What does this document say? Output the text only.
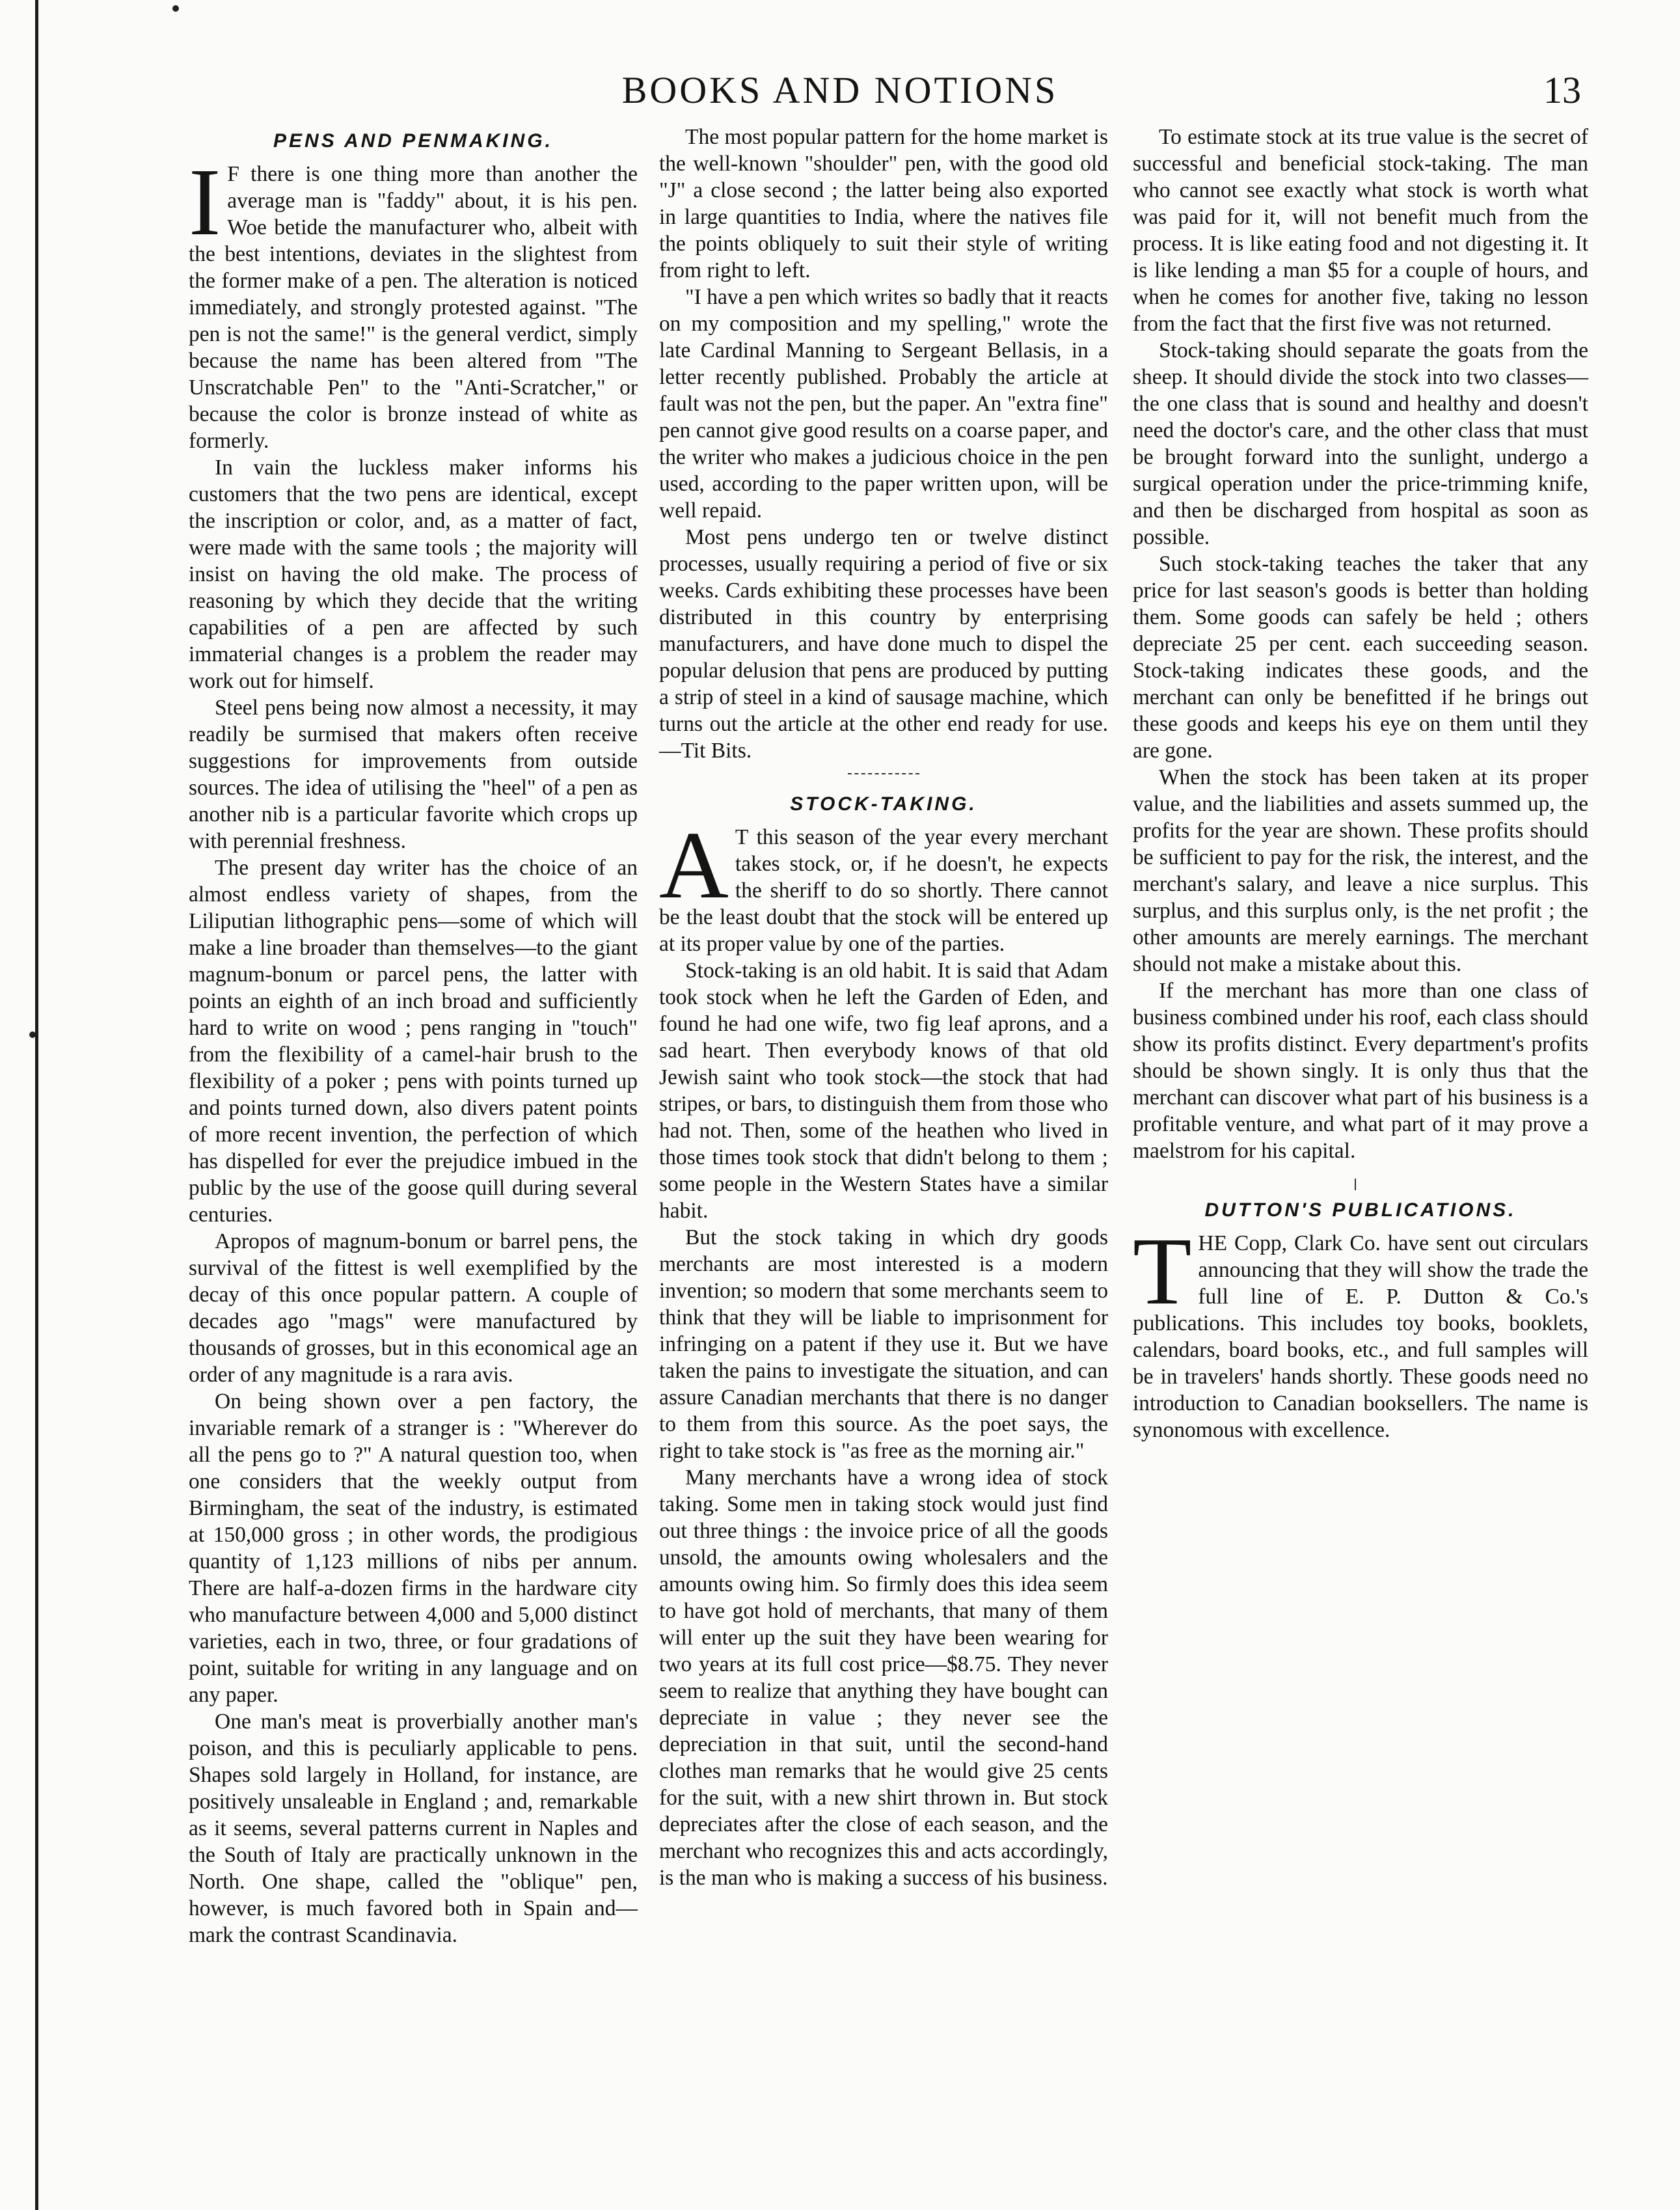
BOOKS AND NOTIONS	13
PENS AND PENMAKING.

I F there is one thing more than another the average man is "faddy" about, it is his pen. Woe betide the manufacturer who, albeit with the best intentions, deviates in the slightest from the former make of a pen. The alteration is noticed immediately, and strongly protested against. "The pen is not the same!" is the general verdict, simply because the name has been altered from "The Unscratchable Pen" to the "Anti-Scratcher," or because the color is bronze instead of white as formerly.

In vain the luckless maker informs his customers that the two pens are identical, except the inscription or color, and, as a matter of fact, were made with the same tools ; the majority will insist on having the old make. The process of reasoning by which they decide that the writing capabilities of a pen are affected by such immaterial changes is a problem the reader may work out for himself.

Steel pens being now almost a necessity, it may readily be surmised that makers often receive suggestions for improvements from outside sources. The idea of utilising the "heel" of a pen as another nib is a particular favorite which crops up with perennial freshness.

The present day writer has the choice of an almost endless variety of shapes, from the Liliputian lithographic pens—some of which will make a line broader than themselves—to the giant magnum-bonum or parcel pens, the latter with points an eighth of an inch broad and sufficiently hard to write on wood ; pens ranging in "touch" from the flexibility of a camel-hair brush to the flexibility of a poker ; pens with points turned up and points turned down, also divers patent points of more recent invention, the perfection of which has dispelled for ever the prejudice imbued in the public by the use of the goose quill during several centuries.

Apropos of magnum-bonum or barrel pens, the survival of the fittest is well exemplified by the decay of this once popular pattern. A couple of decades ago "mags" were manufactured by thousands of grosses, but in this economical age an order of any magnitude is a rara avis.

On being shown over a pen factory, the invariable remark of a stranger is : "Wherever do all the pens go to ?" A natural question too, when one considers that the weekly output from Birmingham, the seat of the industry, is estimated at 150,000 gross ; in other words, the prodigious quantity of 1,123 millions of nibs per annum. There are half-a-dozen firms in the hardware city who manufacture between 4,000 and 5,000 distinct varieties, each in two, three, or four gradations of point, suitable for writing in any language and on any paper.

One man's meat is proverbially another man's poison, and this is peculiarly applicable to pens. Shapes sold largely in Holland, for instance, are positively unsaleable in England ; and, remarkable as it seems, several patterns current in Naples and the South of Italy are practically unknown in the North. One shape, called the "oblique" pen, however, is much favored both in Spain and—mark the contrast Scandinavia.

The most popular pattern for the home market is the well-known "shoulder" pen, with the good old "J" a close second ; the latter being also exported in large quantities to India, where the natives file the points obliquely to suit their style of writing from right to left.

"I have a pen which writes so badly that it reacts on my composition and my spelling," wrote the late Cardinal Manning to Sergeant Bellasis, in a letter recently published. Probably the article at fault was not the pen, but the paper. An "extra fine" pen cannot give good results on a coarse paper, and the writer who makes a judicious choice in the pen used, according to the paper written upon, will be well repaid.

Most pens undergo ten or twelve distinct processes, usually requiring a period of five or six weeks. Cards exhibiting these processes have been distributed in this country by enterprising manufacturers, and have done much to dispel the popular delusion that pens are produced by putting a strip of steel in a kind of sausage machine, which turns out the article at the other end ready for use.—Tit Bits.

STOCK-TAKING.

A T this season of the year every merchant takes stock, or, if he doesn't, he expects the sheriff to do so shortly. There cannot be the least doubt that the stock will be entered up at its proper value by one of the parties.

Stock-taking is an old habit. It is said that Adam took stock when he left the Garden of Eden, and found he had one wife, two fig leaf aprons, and a sad heart. Then everybody knows of that old Jewish saint who took stock—the stock that had stripes, or bars, to distinguish them from those who had not. Then, some of the heathen who lived in those times took stock that didn't belong to them ; some people in the Western States have a similar habit.

But the stock taking in which dry goods merchants are most interested is a modern invention; so modern that some merchants seem to think that they will be liable to imprisonment for infringing on a patent if they use it. But we have taken the pains to investigate the situation, and can assure Canadian merchants that there is no danger to them from this source. As the poet says, the right to take stock is "as free as the morning air."

Many merchants have a wrong idea of stock taking. Some men in taking stock would just find out three things : the invoice price of all the goods unsold, the amounts owing wholesalers and the amounts owing him. So firmly does this idea seem to have got hold of merchants, that many of them will enter up the suit they have been wearing for two years at its full cost price—$8.75. They never seem to realize that anything they have bought can depreciate in value ; they never see the depreciation in that suit, until the second-hand clothes man remarks that he would give 25 cents for the suit, with a new shirt thrown in. But stock depreciates after the close of each season, and the merchant who recognizes this and acts accordingly, is the man who is making a success of his business.

To estimate stock at its true value is the secret of successful and beneficial stock-taking. The man who cannot see exactly what stock is worth what was paid for it, will not benefit much from the process. It is like eating food and not digesting it. It is like lending a man $5 for a couple of hours, and when he comes for another five, taking no lesson from the fact that the first five was not returned.

Stock-taking should separate the goats from the sheep. It should divide the stock into two classes—the one class that is sound and healthy and doesn't need the doctor's care, and the other class that must be brought forward into the sunlight, undergo a surgical operation under the price-trimming knife, and then be discharged from hospital as soon as possible.

Such stock-taking teaches the taker that any price for last season's goods is better than holding them. Some goods can safely be held ; others depreciate 25 per cent. each succeeding season. Stock-taking indicates these goods, and the merchant can only be benefitted if he brings out these goods and keeps his eye on them until they are gone.

When the stock has been taken at its proper value, and the liabilities and assets summed up, the profits for the year are shown. These profits should be sufficient to pay for the risk, the interest, and the merchant's salary, and leave a nice surplus. This surplus, and this surplus only, is the net profit ; the other amounts are merely earnings. The merchant should not make a mistake about this.

If the merchant has more than one class of business combined under his roof, each class should show its profits distinct. Every department's profits should be shown singly. It is only thus that the merchant can discover what part of his business is a profitable venture, and what part of it may prove a maelstrom for his capital.

DUTTON'S PUBLICATIONS.

THE Copp, Clark Co. have sent out circulars announcing that they will show the trade the full line of E. P. Dutton & Co.'s publications. This includes toy books, booklets, calendars, board books, etc., and full samples will be in travelers' hands shortly. These goods need no introduction to Canadian booksellers. The name is synonomous with excellence.
